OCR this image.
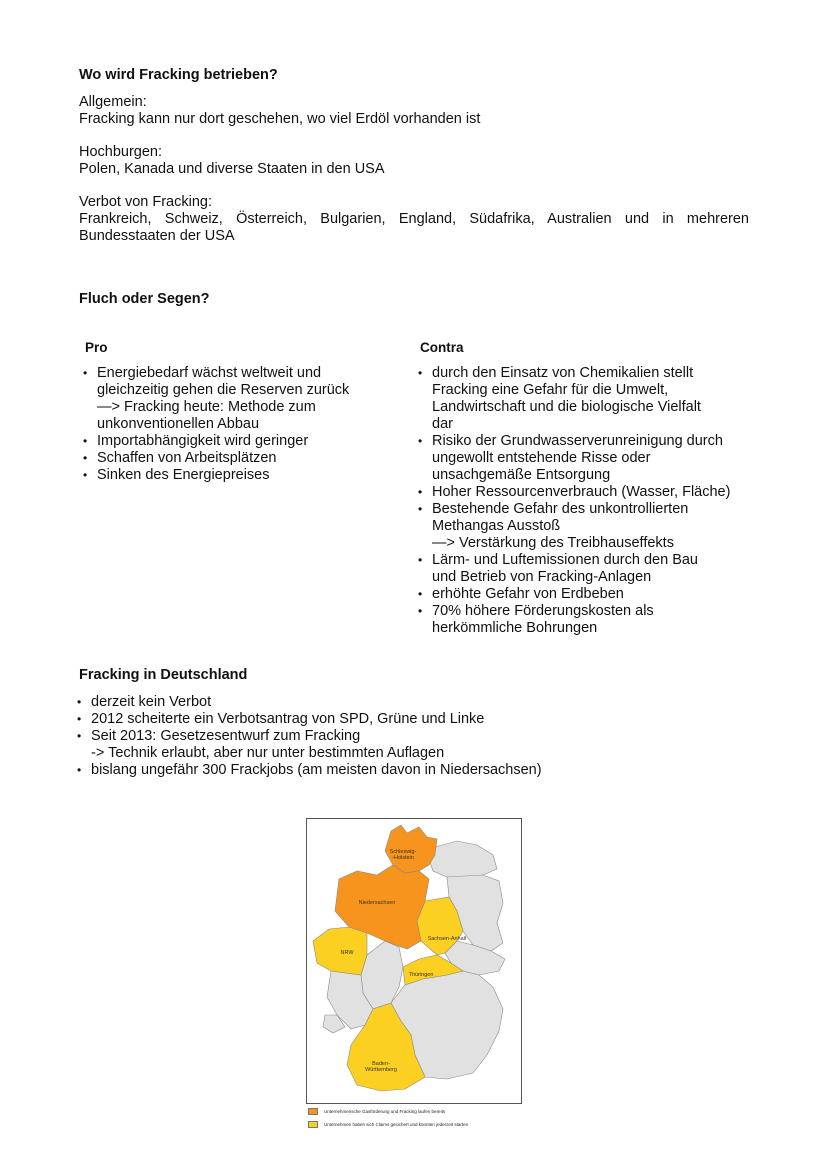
Wo wird Fracking betrieben?

Allgemein:

Fracking kann nur dort geschehen, wo viel Erdöl vorhanden ist

Hochburgen:

Polen, Kanada und diverse Staaten in den USA

Verbot von Fracking:

Frankreich, Schweiz, Österreich, Bulgarien, England, Südafrika, Australien und in mehreren Bundesstaaten der USA

Fluch oder Segen?
Pro
• Energiebedarf wächst weltweit und
gleichzeitig gehen die Reserven zurück
—> Fracking heute: Methode zum
unkonventionellen Abbau
• Importabhängigkeit wird geringer
• Schaffen von Arbeitsplätzen
• Sinken des Energiepreises
Contra
• durch den Einsatz von Chemikalien stellt
Fracking eine Gefahr für die Umwelt,
Landwirtschaft und die biologische Vielfalt
dar
• Risiko der Grundwasserverunreinigung durch
ungewollt entstehende Risse oder
unsachgemäße Entsorgung
• Hoher Ressourcenverbrauch (Wasser, Fläche)
• Bestehende Gefahr des unkontrollierten
Methangas Ausstoß
—> Verstärkung des Treibhauseffekts
• Lärm- und Luftemissionen durch den Bau
und Betrieb von Fracking-Anlagen
• erhöhte Gefahr von Erdbeben
• 70% höhere Förderungskosten als
herkömmliche Bohrungen
Fracking in Deutschland
• derzeit kein Verbot
• 2012 scheiterte ein Verbotsantrag von SPD, Grüne und Linke
• Seit 2013: Gesetzesentwurf zum Fracking
-> Technik erlaubt, aber nur unter bestimmten Auflagen
• bislang ungefähr 300 Frackjobs (am meisten davon in Niedersachsen)
Schleswig--Holstein
Niedersachsen
Sachsen-Anhalt
NRW
Thüringen
Baden-Württemberg
Unternehmerische Gasförderung und Fracking laufen bereits
Unternehmen haben sich Claims gesichert und könnten jederzeit starten
